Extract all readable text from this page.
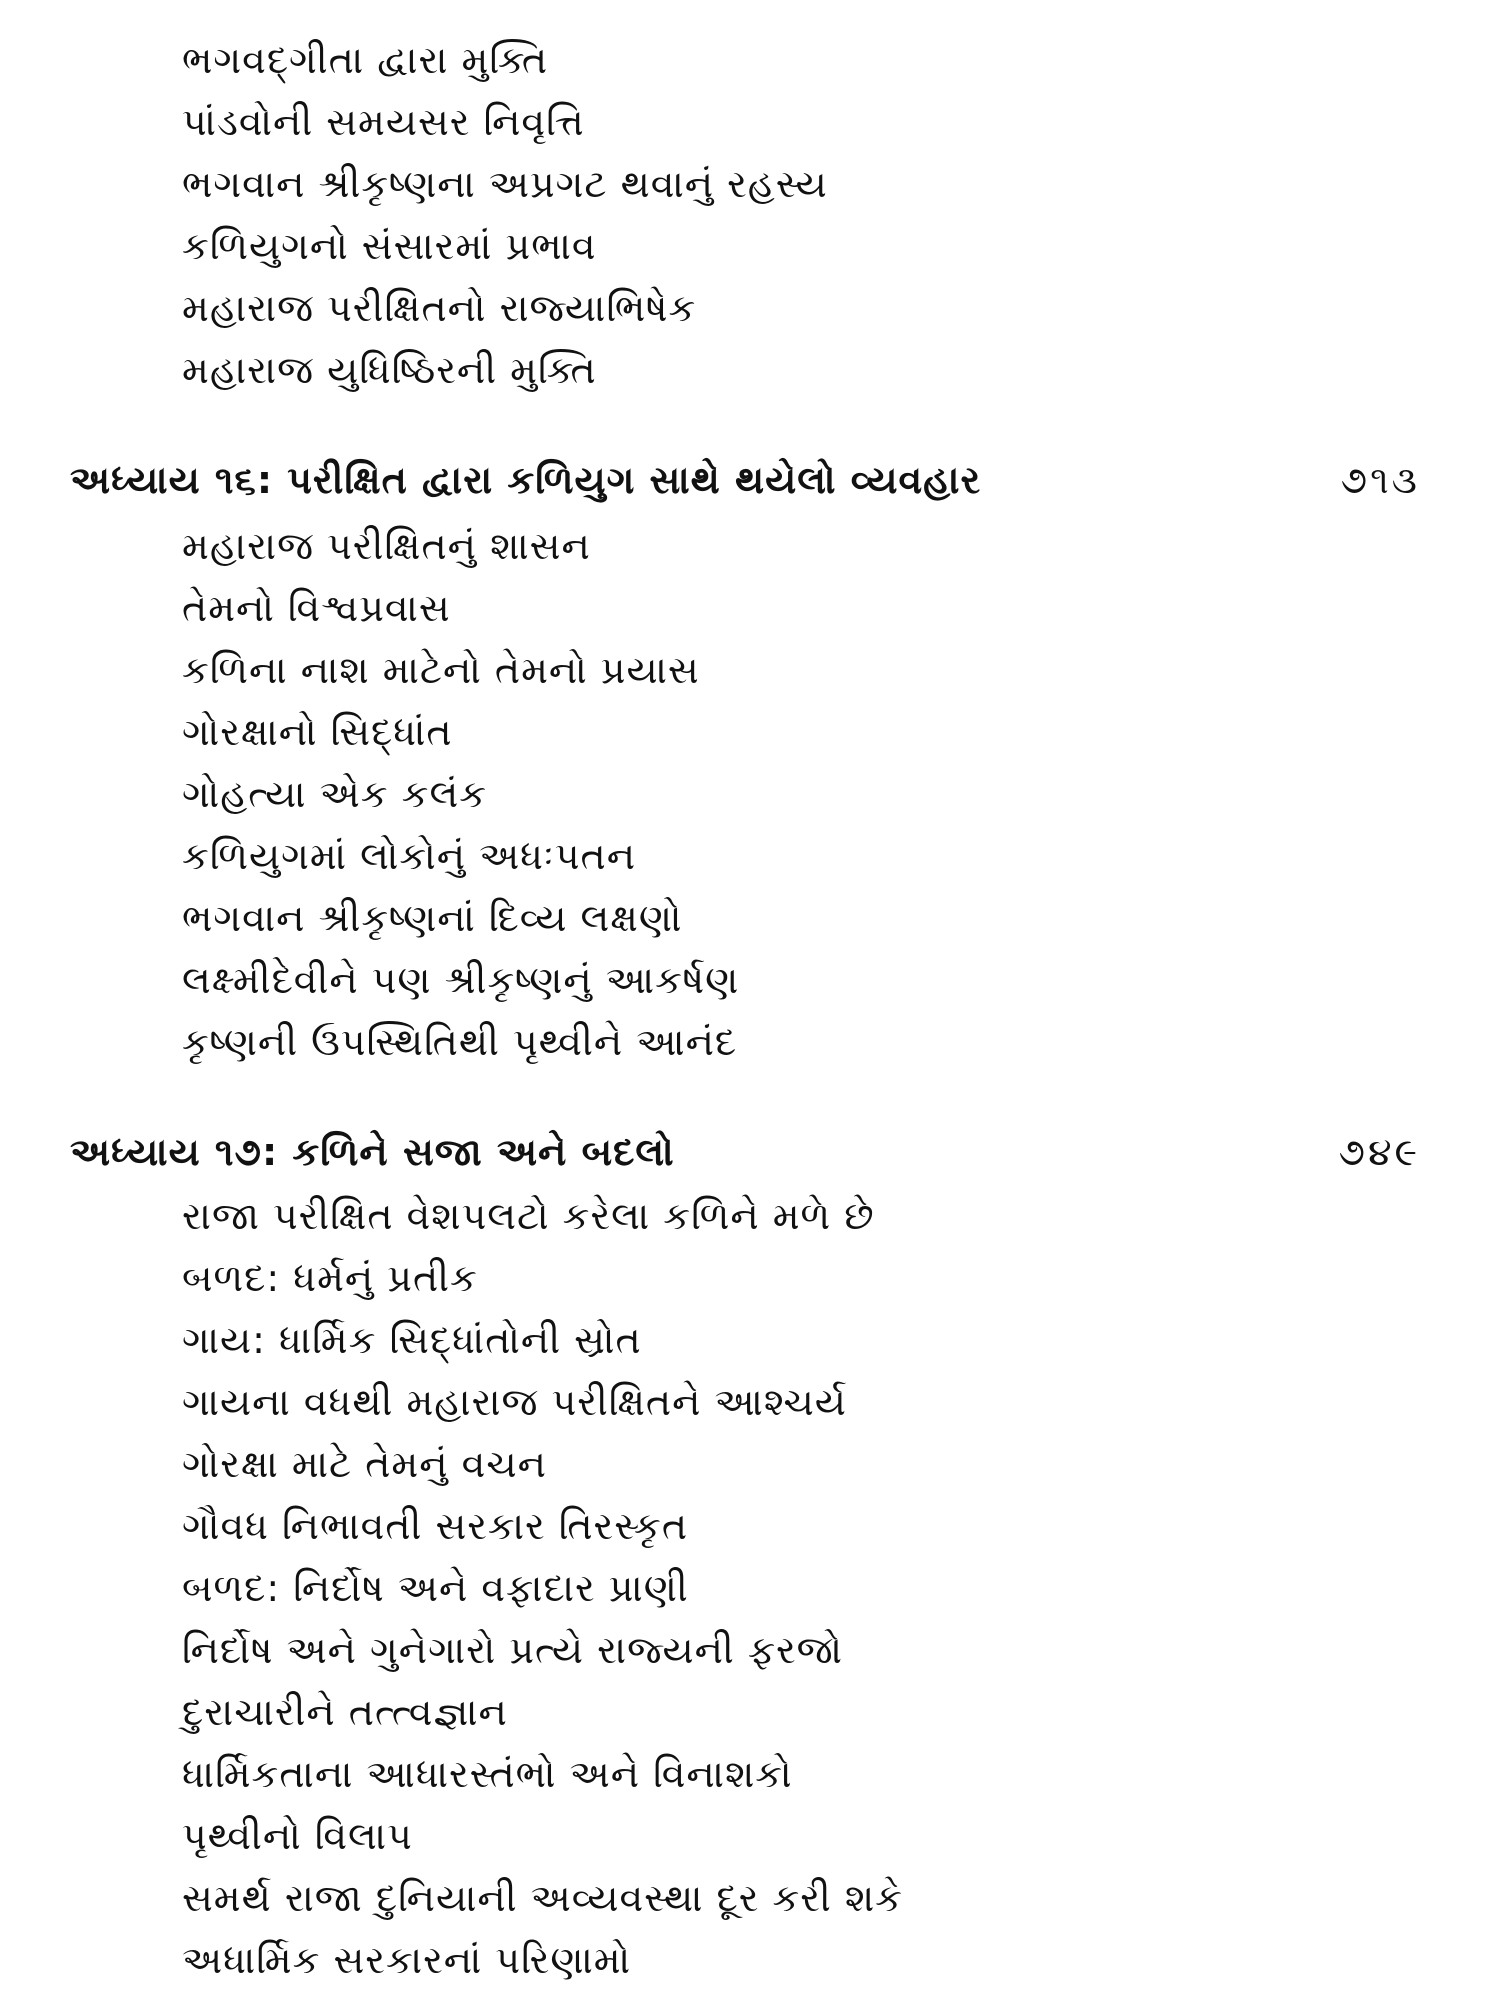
ભગવદ્ગીતા દ્વારા મુક્તિ
પાંડવોની સમયસર નિવૃત્તિ
ભગવાન શ્રીકૃષ્ણના અપ્રગટ થવાનું રહસ્ય
કળિયુગનો સંસારમાં પ્રભાવ
મહારાજ પરીક્ષિતનો રાજ્યાભિષેક
મહારાજ યુધિષ્ઠિરની મુક્તિ
અધ્યાય ૧૬: પરીક્ષિત દ્વારા કળિયુગ સાથે થયેલો વ્યવહાર	૭૧૩
મહારાજ પરીક્ષિતનું શાસન
તેમનો વિશ્વપ્રવાસ
કળિના નાશ માટેનો તેમનો પ્રયાસ
ગોરક્ષાનો સિદ્ધાંત
ગોહત્યા એક કલંક
કળિયુગમાં લોકોનું અધઃપતન
ભગવાન શ્રીકૃષ્ણનાં દિવ્ય લક્ષણો
લક્ષ્મીદેવીને પણ શ્રીકૃષ્ણનું આકર્ષણ
કૃષ્ણની ઉપસ્થિતિથી પૃથ્વીને આનંદ
અધ્યાય ૧૭: કળિને સજા અને બદલો	૭૪૯
રાજા પરીક્ષિત વેશપલટો કરેલા કળિને મળે છે
બળદ: ધર્મનું પ્રતીક
ગાય: ધાર્મિક સિદ્ધાંતોની સ્રોત
ગાયના વધથી મહારાજ પરીક્ષિતને આશ્ચર્ય
ગોરક્ષા માટે તેમનું વચન
ગૌવધ નિભાવતી સરકાર તિરસ્કૃત
બળદ: નિર્દોષ અને વફાદાર પ્રાણી
નિર્દોષ અને ગુનેગારો પ્રત્યે રાજ્યની ફરજો
દુરાચારીને તત્ત્વજ્ઞાન
ધાર્મિકતાના આધારસ્તંભો અને વિનાશકો
પૃથ્વીનો વિલાપ
સમર્થ રાજા દુનિયાની અવ્યવસ્થા દૂર કરી શકે
અધાર્મિક સરકારનાં પરિણામો
